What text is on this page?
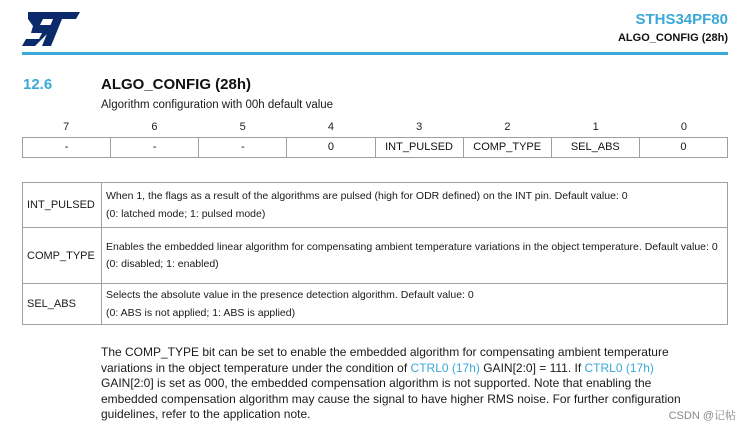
STHS34PF80
ALGO_CONFIG (28h)
12.6	ALGO_CONFIG (28h)
Algorithm configuration with 00h default value
7	6	5	4	3	2	1	0
-	-	-	0	INT_PULSED	COMP_TYPE	SEL_ABS	0
INT_PULSED	When 1, the flags as a result of the algorithms are pulsed (high for ODR defined) on the INT pin. Default value: 0

(0: latched mode; 1: pulsed mode)

COMP_TYPE	Enables the embedded linear algorithm for compensating ambient temperature variations in the object temperature. Default value: 0

(0: disabled; 1: enabled)

SEL_ABS	Selects the absolute value in the presence detection algorithm. Default value: 0

(0: ABS is not applied; 1: ABS is applied)

The COMP_TYPE bit can be set to enable the embedded algorithm for compensating ambient temperature variations in the object temperature under the condition of CTRL0 (17h) GAIN[2:0] = 111. If CTRL0 (17h) GAIN[2:0] is set as 000, the embedded compensation algorithm is not supported. Note that enabling the embedded compensation algorithm may cause the signal to have higher RMS noise. For further configuration guidelines, refer to the application note.	CSDN @记帖
